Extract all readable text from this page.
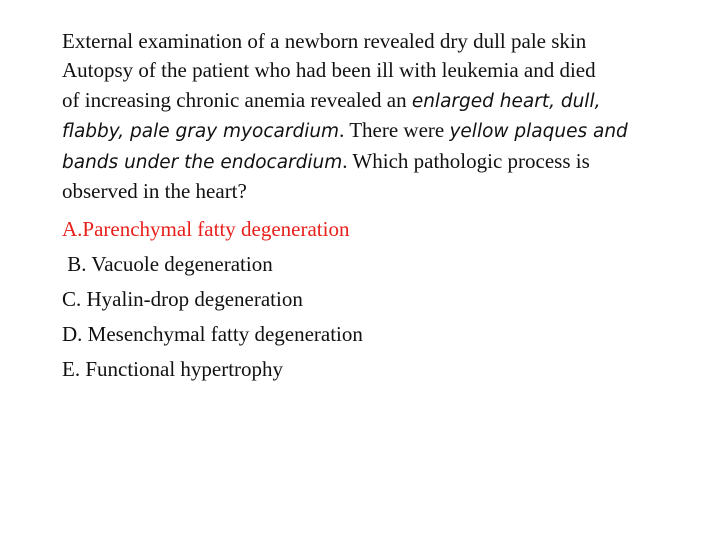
External examination of a newborn revealed dry dull pale skin
Autopsy of the patient who had been ill with leukemia and died
of increasing chronic anemia revealed an enlarged heart, dull,
flabby, pale gray myocardium. There were yellow plaques and
bands under the endocardium. Which pathologic process is
observed in the heart?

A.Parenchymal fatty degeneration
B. Vacuole degeneration
C. Hyalin-drop degeneration
D. Mesenchymal fatty degeneration
E. Functional hypertrophy
